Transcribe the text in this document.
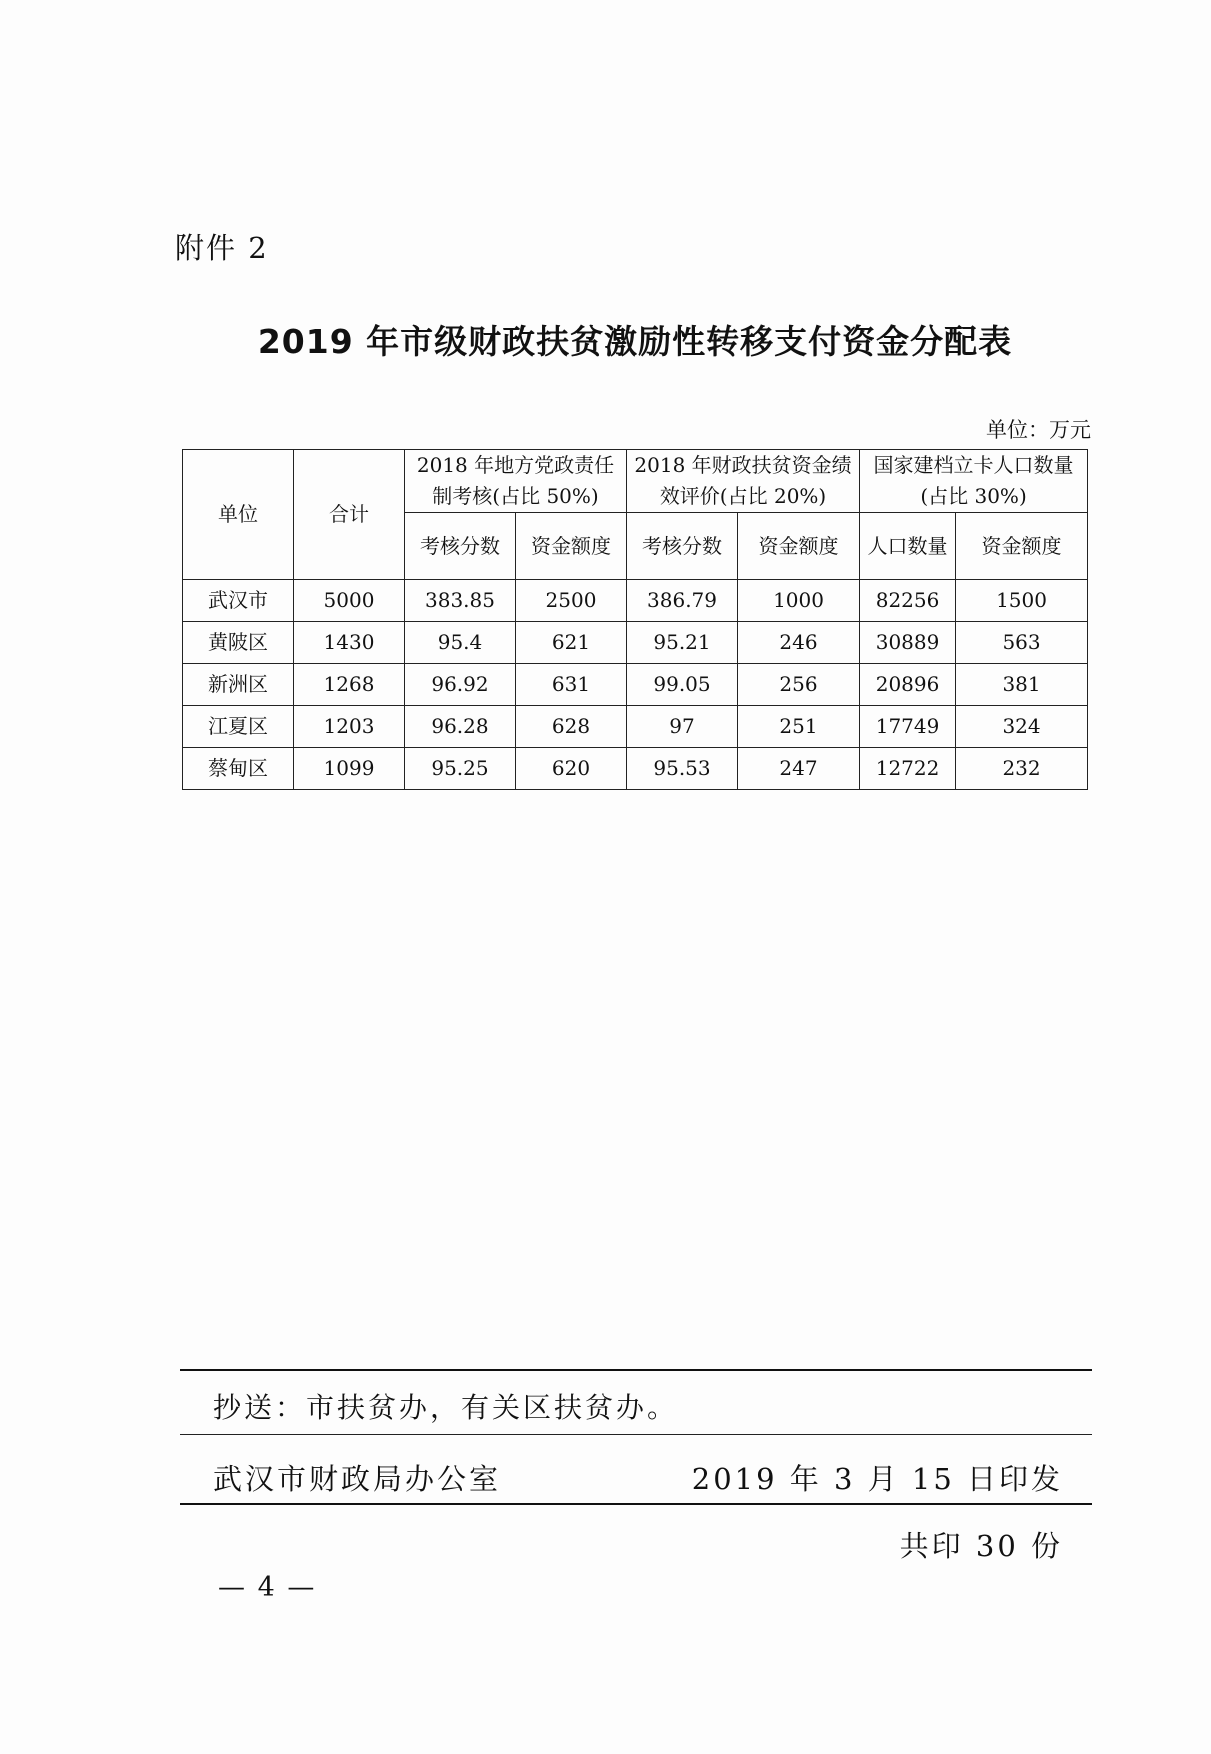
附件 2
2019 年市级财政扶贫激励性转移支付资金分配表
单位：万元
单位	合计	2018 年地方党政责任制考核(占比 50%)		2018 年财政扶贫资金绩效评价(占比 20%)		国家建档立卡人口数量(占比 30%)	
		考核分数	资金额度	考核分数	资金额度	人口数量	资金额度
武汉市	5000	383.85	2500	386.79	1000	82256	1500
黄陂区	1430	95.4	621	95.21	246	30889	563
新洲区	1268	96.92	631	99.05	256	20896	381
江夏区	1203	96.28	628	97	251	17749	324
蔡甸区	1099	95.25	620	95.53	247	12722	232
抄送：市扶贫办，有关区扶贫办。
武汉市财政局办公室	2019 年 3 月 15 日印发
共印 30 份
— 4 —
